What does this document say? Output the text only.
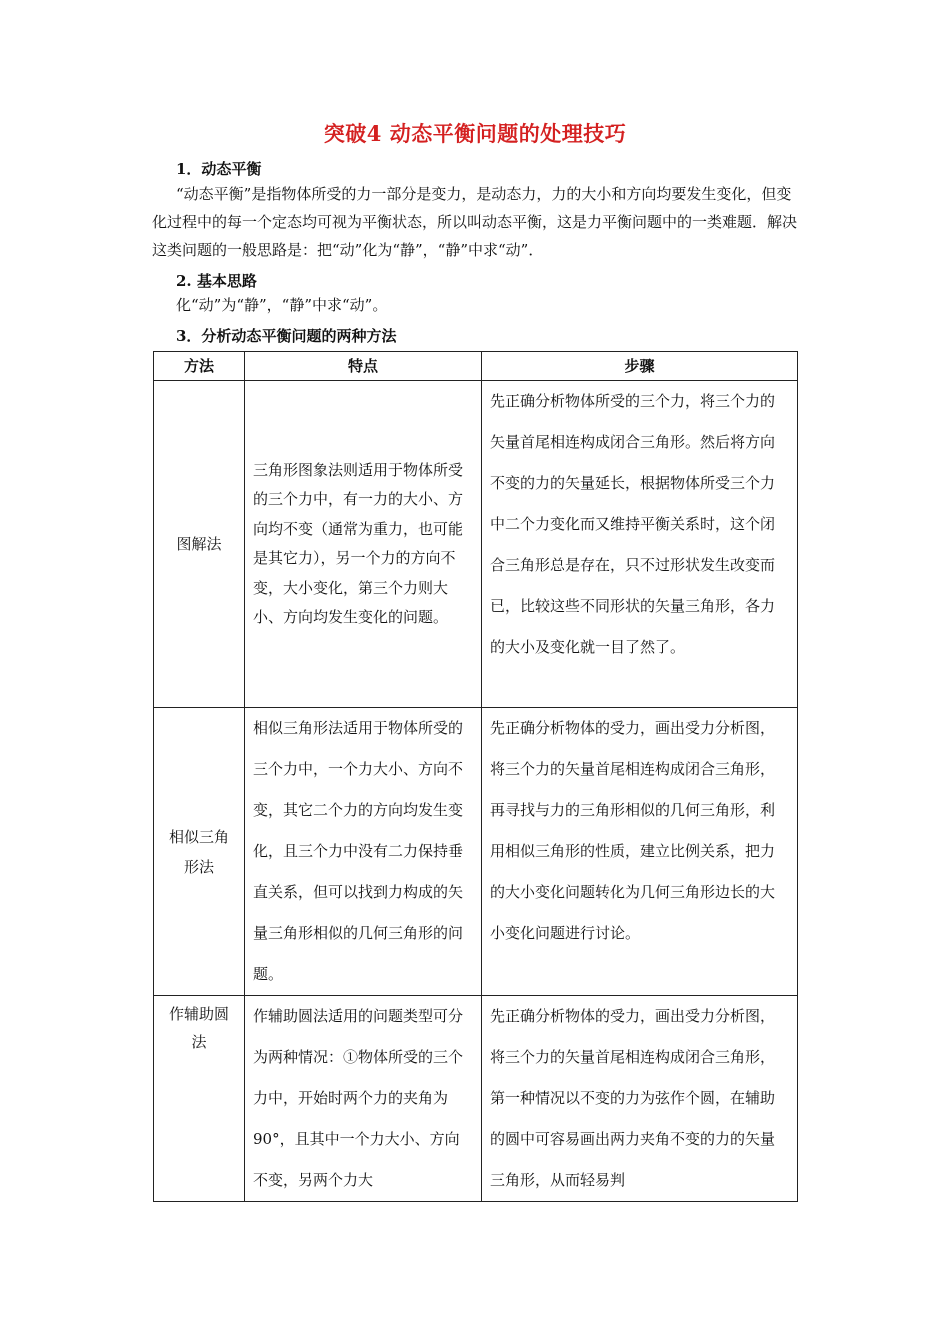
突破4 动态平衡问题的处理技巧
1．动态平衡
“动态平衡”是指物体所受的力一部分是变力，是动态力，力的大小和方向均要发生变化，但变化过程中的每一个定态均可视为平衡状态，所以叫动态平衡，这是力平衡问题中的一类难题．解决这类问题的一般思路是：把“动”化为“静”，“静”中求“动”．
2. 基本思路
化“动”为“静”，“静”中求“动”。
3．分析动态平衡问题的两种方法
方法	特点	步骤
图解法	三角形图象法则适用于物体所受的三个力中，有一力的大小、方向均不变（通常为重力，也可能是其它力），另一个力的方向不变，大小变化，第三个力则大小、方向均发生变化的问题。	先正确分析物体所受的三个力，将三个力的矢量首尾相连构成闭合三角形。然后将方向不变的力的矢量延长，根据物体所受三个力中二个力变化而又维持平衡关系时，这个闭合三角形总是存在，只不过形状发生改变而已，比较这些不同形状的矢量三角形，各力的大小及变化就一目了然了。
相似三角形法	相似三角形法适用于物体所受的三个力中，一个力大小、方向不变，其它二个力的方向均发生变化，且三个力中没有二力保持垂直关系，但可以找到力构成的矢量三角形相似的几何三角形的问题。	先正确分析物体的受力，画出受力分析图，将三个力的矢量首尾相连构成闭合三角形，再寻找与力的三角形相似的几何三角形，利用相似三角形的性质，建立比例关系，把力的大小变化问题转化为几何三角形边长的大小变化问题进行讨论。
作辅助圆法	作辅助圆法适用的问题类型可分为两种情况：①物体所受的三个力中，开始时两个力的夹角为90°，且其中一个力大小、方向不变，另两个力大	先正确分析物体的受力，画出受力分析图，将三个力的矢量首尾相连构成闭合三角形，第一种情况以不变的力为弦作个圆，在辅助的圆中可容易画出两力夹角不变的力的矢量三角形，从而轻易判
